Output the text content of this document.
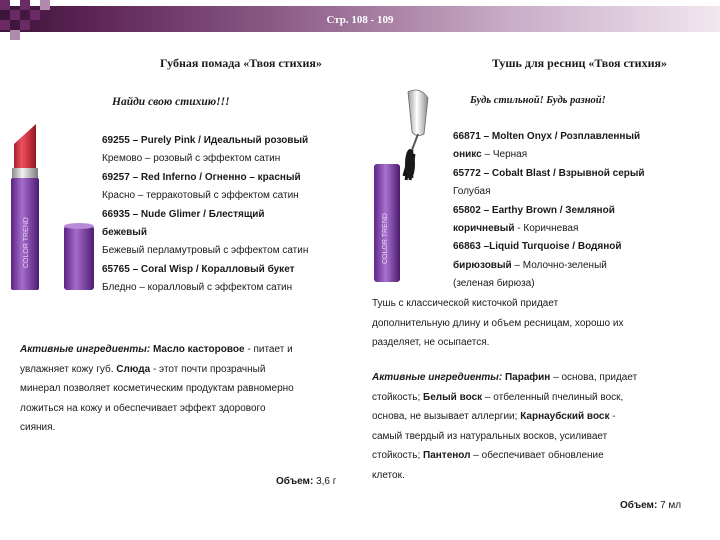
Стр. 108 - 109
Губная помада «Твоя стихия»
Найди свою стихию!!!
COLOR TREND
69255 – Purely Pink / Идеальный розовый
Кремово – розовый с эффектом сатин
69257 – Red Inferno / Огненно – красный
Красно – терракотовый с эффектом сатин
66935 – Nude Glimer / Блестящий
бежевый
Бежевый перламутровый с эффектом сатин
65765 – Coral Wisp / Коралловый букет
Бледно – коралловый с эффектом сатин
Активные ингредиенты: Масло касторовое - питает и
увлажняет кожу губ. Слюда - этот почти прозрачный
минерал позволяет косметическим продуктам равномерно
ложиться на кожу и обеспечивает эффект здорового
сияния.
Объем: 3,6 г
Тушь для ресниц «Твоя стихия»
Будь стильной! Будь разной!
COLOR TREND
66871 – Molten Onyx / Розплавленный
оникс – Черная
65772 – Cobalt Blast / Взрывной серый
Голубая
65802 – Earthy Brown / Земляной
коричневый - Коричневая
66863 –Liquid Turquoise / Водяной
бирюзовый – Молочно-зеленый
(зеленая бирюза)
Тушь с классической кисточкой придает
дополнительную длину и объем ресницам, хорошо их
разделяет, не осыпается.
Активные ингредиенты: Парафин – основа, придает
стойкость; Белый воск – отбеленный пчелиный воск,
основа, не вызывает аллергии; Карнаубский воск -
самый твердый из натуральных восков, усиливает
стойкость; Пантенол – обеспечивает обновление
клеток.
Объем: 7 мл
